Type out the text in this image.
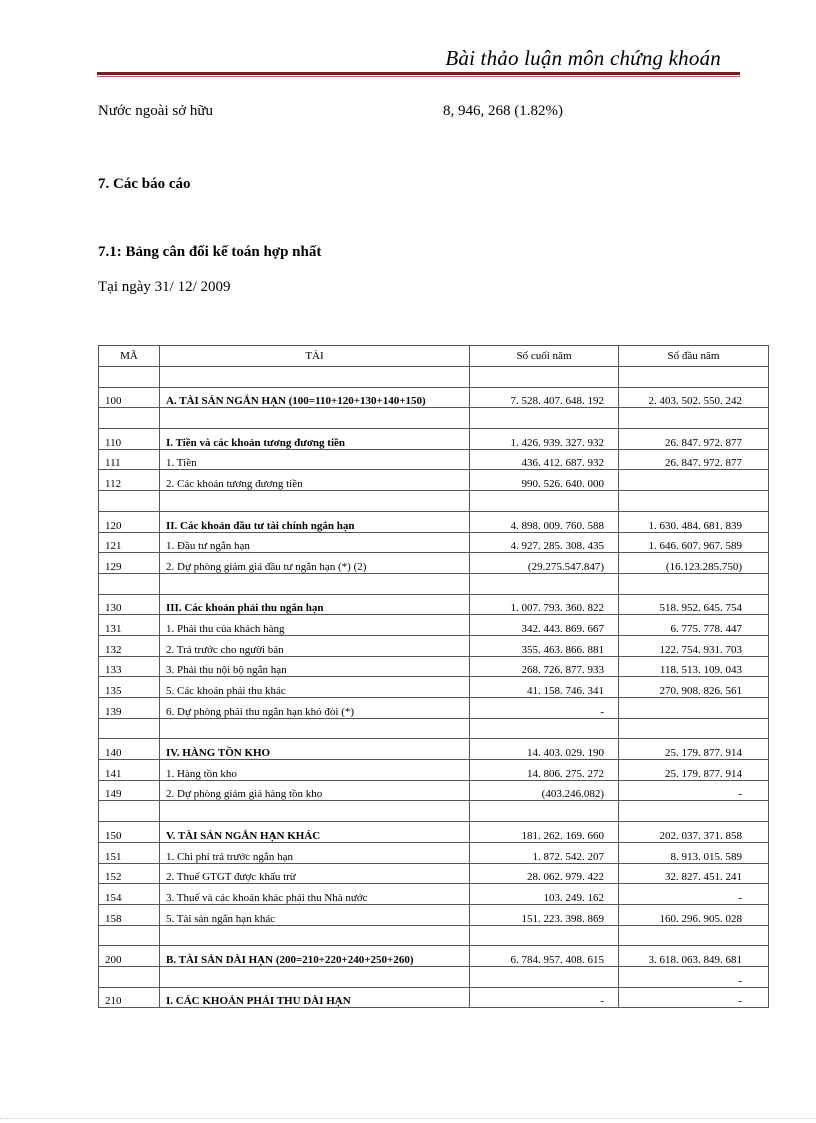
Bài thảo luận môn chứng khoán
Nước ngoài sở hữu	8, 946, 268 (1.82%)
7. Các báo cáo
7.1: Bảng cân đối kế toán hợp nhất
Tại ngày 31/ 12/ 2009
MÃ	TÀI	Số cuối năm	Số đầu năm

100	A. TÀI SẢN NGẮN HẠN (100=110+120+130+140+150)	7. 528. 407. 648. 192	2. 403. 502. 550. 242

110	I. Tiền và các khoản tương đương tiền	1. 426. 939. 327. 932	26. 847. 972. 877
111	1. Tiền	436. 412. 687. 932	26. 847. 972. 877
112	2. Các khoản tương đương tiền	990. 526. 640. 000	

120	II. Các khoản đầu tư tài chính ngắn hạn	4. 898. 009. 760. 588	1. 630. 484. 681. 839
121	1. Đầu tư ngắn hạn	4. 927. 285. 308. 435	1. 646. 607. 967. 589
129	2. Dự phòng giảm giá đầu tư ngắn hạn (*) (2)	(29.275.547.847)	(16.123.285.750)

130	III. Các khoản phải thu ngắn hạn	1. 007. 793. 360. 822	518. 952. 645. 754
131	1. Phải thu của khách hàng	342. 443. 869. 667	6. 775. 778. 447
132	2. Trả trước cho người bán	355. 463. 866. 881	122. 754. 931. 703
133	3. Phải thu nội bộ ngắn hạn	268. 726. 877. 933	118. 513. 109. 043
135	5. Các khoản phải thu khác	41. 158. 746. 341	270. 908. 826. 561
139	6. Dự phòng phải thu ngắn hạn khó đòi (*)	-	

140	IV. HÀNG TỒN KHO	14. 403. 029. 190	25. 179. 877. 914
141	1. Hàng tồn kho	14. 806. 275. 272	25. 179. 877. 914
149	2. Dự phòng giảm giá hàng tồn kho	(403.246.082)	-

150	V. TÀI SẢN NGẮN HẠN KHÁC	181. 262. 169. 660	202. 037. 371. 858
151	1. Chi phí trả trước ngắn hạn	1. 872. 542. 207	8. 913. 015. 589
152	2. Thuế GTGT được khấu trừ	28. 062. 979. 422	32. 827. 451. 241
154	3. Thuế và các khoản khác phải thu Nhà nước	103. 249. 162	-
158	5. Tài sản ngắn hạn khác	151. 223. 398. 869	160. 296. 905. 028

200	B. TÀI SẢN DÀI HẠN (200=210+220+240+250+260)	6. 784. 957. 408. 615	3. 618. 063. 849. 681
			-
210	I. CÁC KHOẢN PHẢI THU DÀI HẠN	-	-
